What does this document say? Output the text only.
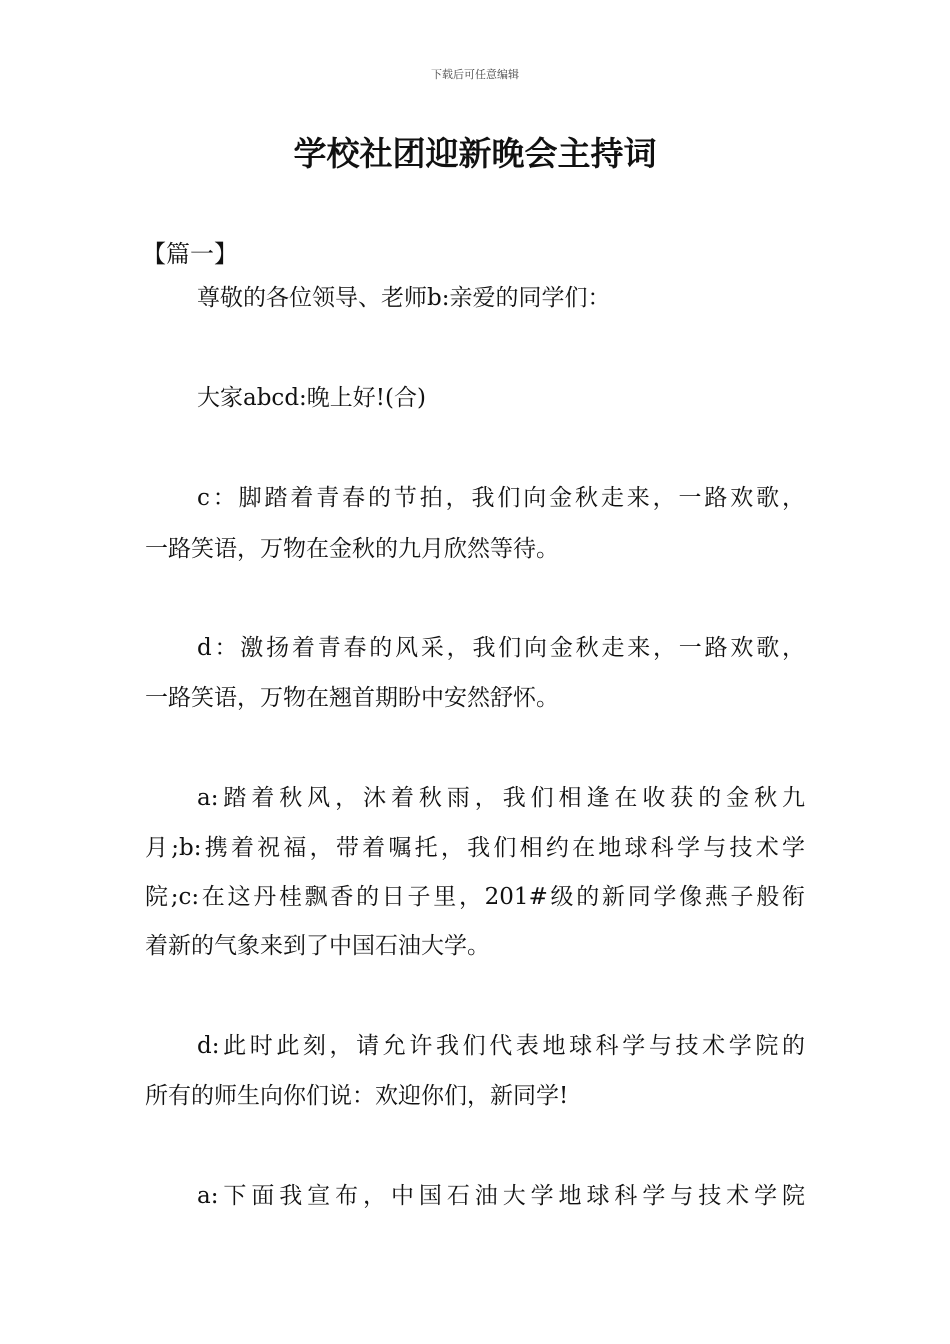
下载后可任意编辑
学校社团迎新晚会主持词
【篇一】
尊敬的各位领导、老师b:亲爱的同学们：
大家abcd:晚上好!(合)
c：脚踏着青春的节拍，我们向金秋走来，一路欢歌，
一路笑语，万物在金秋的九月欣然等待。
d：激扬着青春的风采，我们向金秋走来，一路欢歌，
一路笑语，万物在翘首期盼中安然舒怀。
a:踏着秋风，沐着秋雨，我们相逢在收获的金秋九
月;b:携着祝福，带着嘱托，我们相约在地球科学与技术学
院;c:在这丹桂飘香的日子里，201#级的新同学像燕子般衔
着新的气象来到了中国石油大学。
d:此时此刻，请允许我们代表地球科学与技术学院的
所有的师生向你们说：欢迎你们，新同学!
a:下面我宣布，中国石油大学地球科学与技术学院
